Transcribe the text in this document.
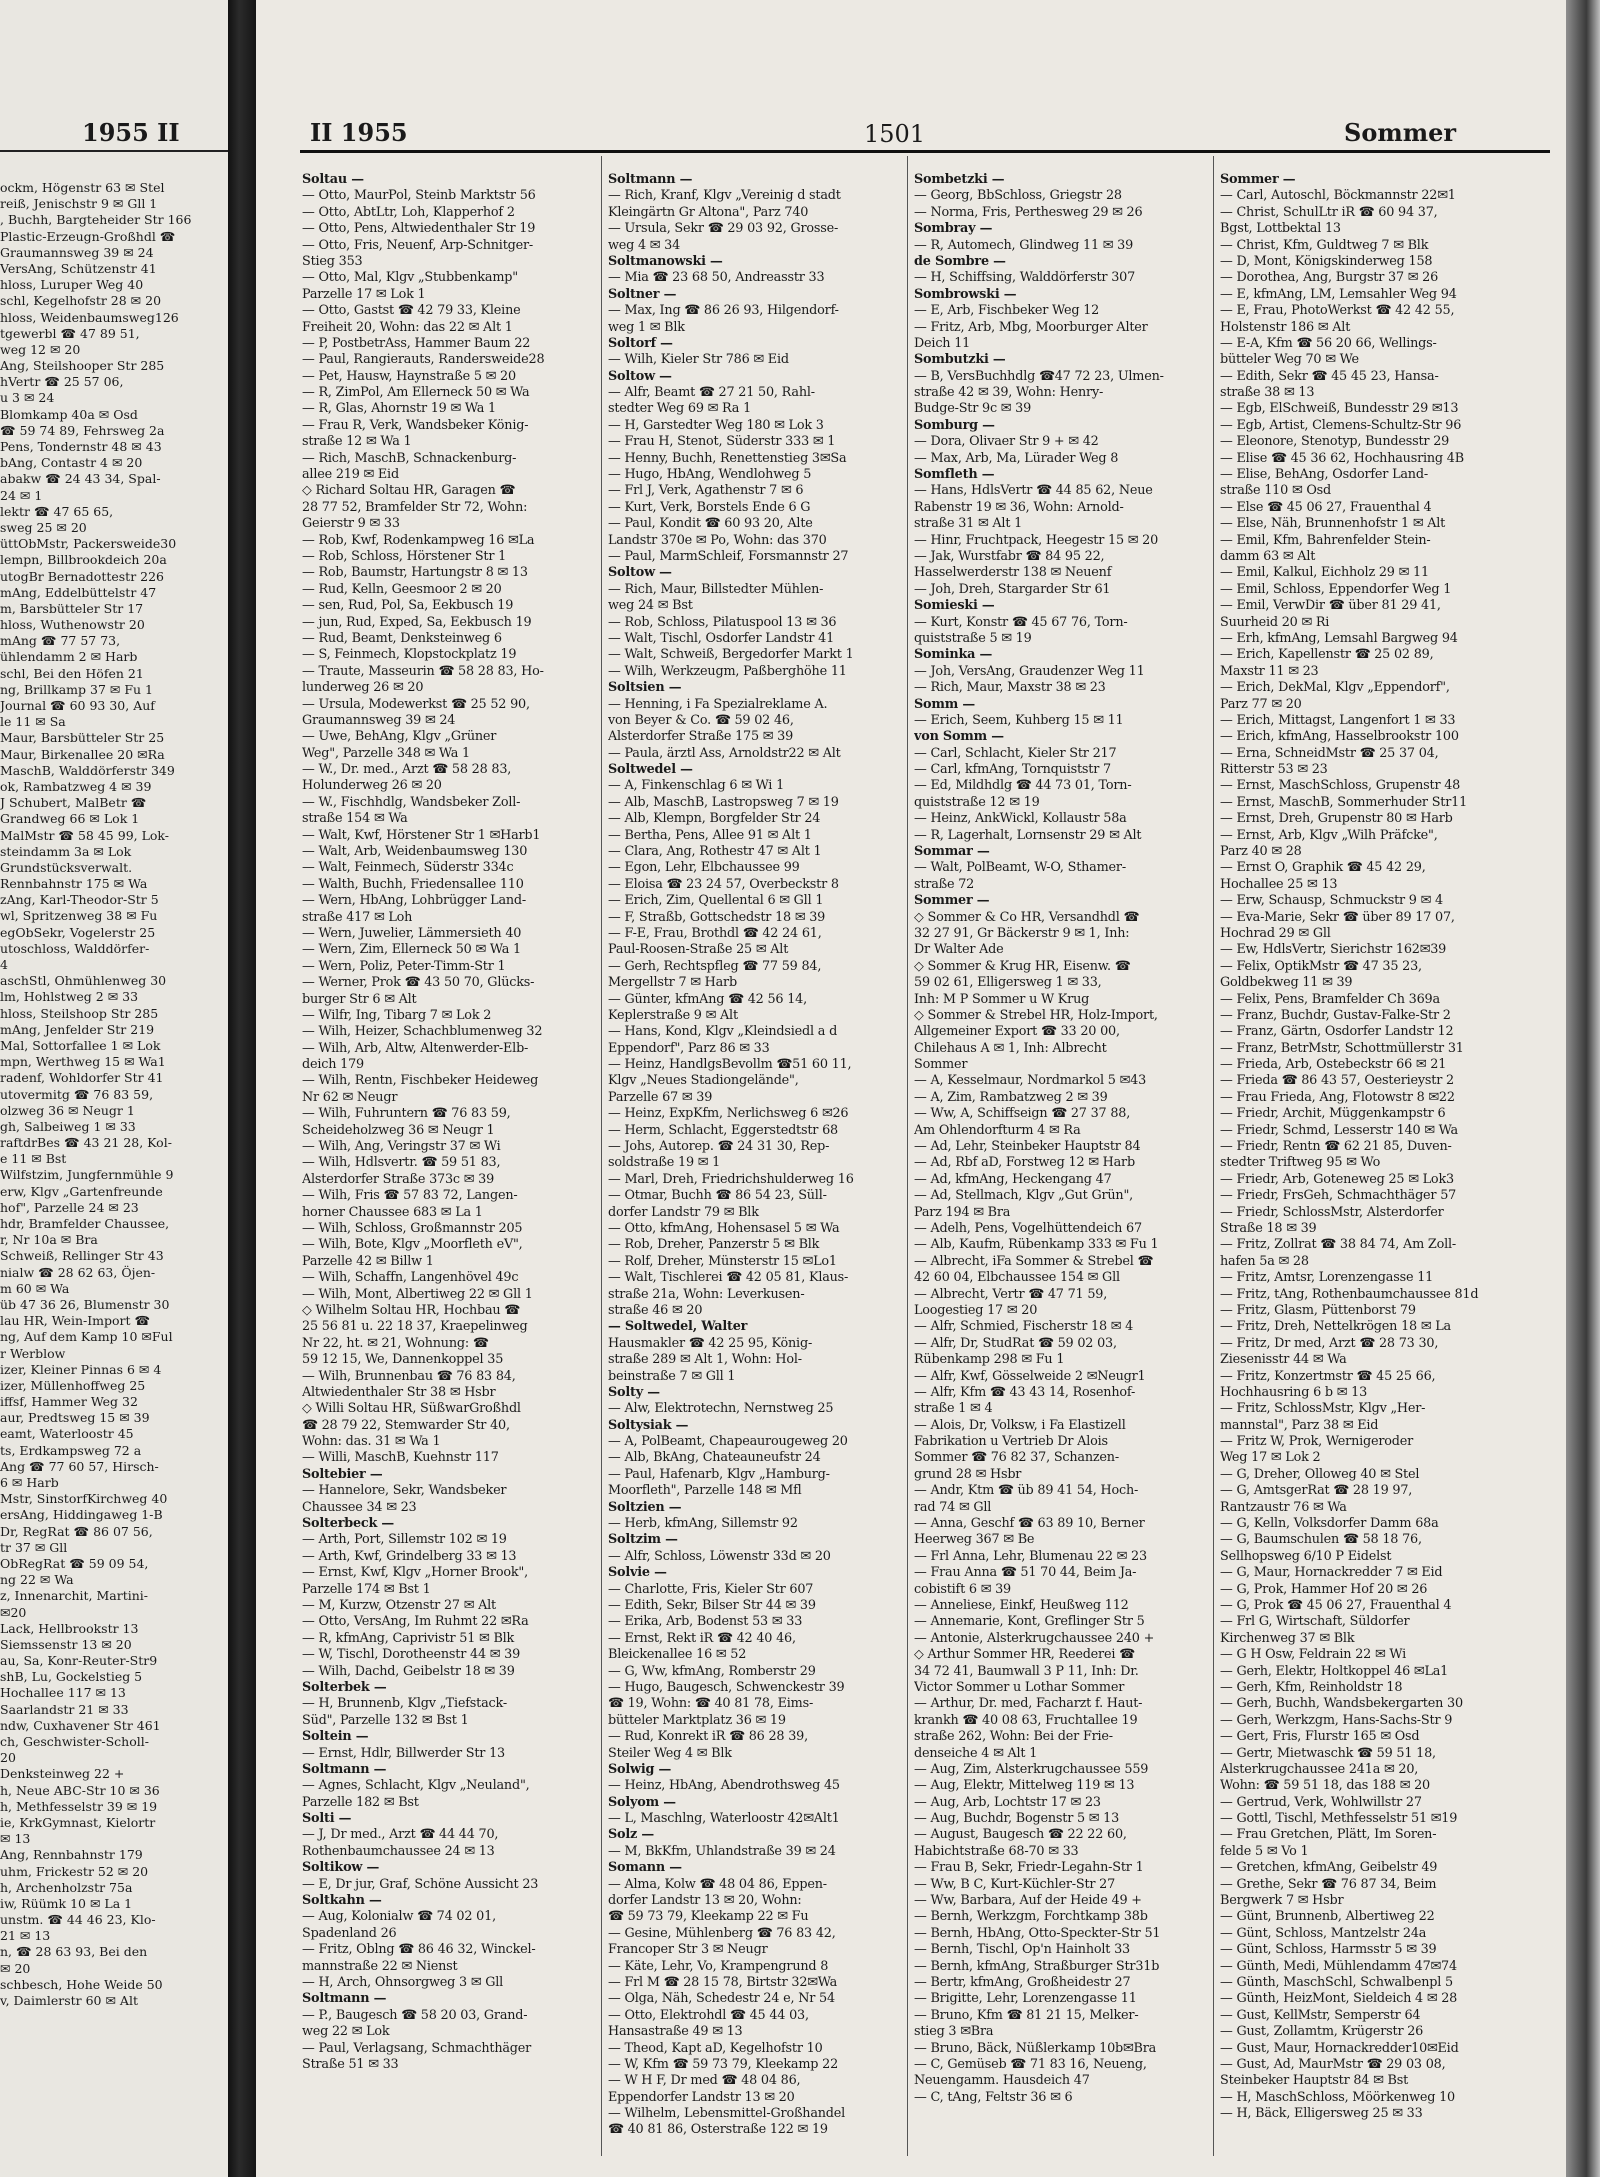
1955 II
ockm, Högenstr 63 ✉ Stel
reiß, Jenischstr 9 ✉ Gll 1
, Buchh, Bargteheider Str 166
Plastic-Erzeugn-Großhdl ☎
Graumannsweg 39 ✉ 24
VersAng, Schützenstr 41
hloss, Luruper Weg 40
schl, Kegelhofstr 28 ✉ 20
hloss, Weidenbaumsweg126
tgewerbl ☎ 47 89 51,
weg 12 ✉ 20
Ang, Steilshooper Str 285
hVertr ☎ 25 57 06,
u 3 ✉ 24
Blomkamp 40a ✉ Osd
☎ 59 74 89, Fehrsweg 2a
Pens, Tondernstr 48 ✉ 43
bAng, Contastr 4 ✉ 20
abakw ☎ 24 43 34, Spal-
24 ✉ 1
lektr ☎ 47 65 65,
sweg 25 ✉ 20
üttObMstr, Packersweide30
lempn, Billbrookdeich 20a
utogBr Bernadottestr 226
mAng, Eddelbüttelstr 47
m, Barsbütteler Str 17
hloss, Wuthenowstr 20
mAng ☎ 77 57 73,
ühlendamm 2 ✉ Harb
schl, Bei den Höfen 21
ng, Brillkamp 37 ✉ Fu 1
Journal ☎ 60 93 30, Auf
le 11 ✉ Sa
Maur, Barsbütteler Str 25
Maur, Birkenallee 20 ✉Ra
MaschB, Walddörferstr 349
ok, Rambatzweg 4 ✉ 39
J Schubert, MalBetr ☎
Grandweg 66 ✉ Lok 1
MalMstr ☎ 58 45 99, Lok-
steindamm 3a ✉ Lok
Grundstücksverwalt.
Rennbahnstr 175 ✉ Wa
zAng, Karl-Theodor-Str 5
wl, Spritzenweg 38 ✉ Fu
egObSekr, Vogelerstr 25
utoschloss, Walddörfer-
4
aschStl, Ohmühlenweg 30
lm, Hohlstweg 2 ✉ 33
hloss, Steilshoop Str 285
mAng, Jenfelder Str 219
Mal, Sottorfallee 1 ✉ Lok
mpn, Werthweg 15 ✉ Wa1
radenf, Wohldorfer Str 41
utovermitg ☎ 76 83 59,
olzweg 36 ✉ Neugr 1
gh, Salbeiweg 1 ✉ 33
raftdrBes ☎ 43 21 28, Kol-
e 11 ✉ Bst
Wilfstzim, Jungfernmühle 9
erw, Klgv „Gartenfreunde
hof", Parzelle 24 ✉ 23
hdr, Bramfelder Chaussee,
r, Nr 10a ✉ Bra
Schweiß, Rellinger Str 43
nialw ☎ 28 62 63, Öjen-
m 60 ✉ Wa
üb 47 36 26, Blumenstr 30
lau HR, Wein-Import ☎
ng, Auf dem Kamp 10 ✉Ful
r Werblow
izer, Kleiner Pinnas 6 ✉ 4
izer, Müllenhoffweg 25
iffsf, Hammer Weg 32
aur, Predtsweg 15 ✉ 39
eamt, Waterloostr 45
ts, Erdkampsweg 72 a
Ang ☎ 77 60 57, Hirsch-
6 ✉ Harb
Mstr, SinstorfKirchweg 40
ersAng, Hiddingaweg 1-B
Dr, RegRat ☎ 86 07 56,
tr 37 ✉ Gll
ObRegRat ☎ 59 09 54,
ng 22 ✉ Wa
z, Innenarchit, Martini-
✉20
Lack, Hellbrookstr 13
Siemssenstr 13 ✉ 20
au, Sa, Konr-Reuter-Str9
shB, Lu, Gockelstieg 5
Hochallee 117 ✉ 13
Saarlandstr 21 ✉ 33
ndw, Cuxhavener Str 461
ch, Geschwister-Scholl-
20
Denksteinweg 22 +
h, Neue ABC-Str 10 ✉ 36
h, Methfesselstr 39 ✉ 19
ie, KrkGymnast, Kielortr
✉ 13
Ang, Rennbahnstr 179
uhm, Frickestr 52 ✉ 20
h, Archenholzstr 75a
iw, Rüümk 10 ✉ La 1
unstm. ☎ 44 46 23, Klo-
21 ✉ 13
n, ☎ 28 63 93, Bei den
✉ 20
schbesch, Hohe Weide 50
v, Daimlerstr 60 ✉ Alt
II 1955	1501	Sommer
Soltau —
— Otto, MaurPol, Steinb Marktstr 56
— Otto, AbtLtr, Loh, Klapperhof 2
— Otto, Pens, Altwiedenthaler Str 19
— Otto, Fris, Neuenf, Arp-Schnitger-
Stieg 353
— Otto, Mal, Klgv „Stubbenkamp"
Parzelle 17 ✉ Lok 1
— Otto, Gastst ☎ 42 79 33, Kleine
Freiheit 20, Wohn: das 22 ✉ Alt 1
— P, PostbetrAss, Hammer Baum 22
— Paul, Rangierauts, Randersweide28
— Pet, Hausw, Haynstraße 5 ✉ 20
— R, ZimPol, Am Ellerneck 50 ✉ Wa
— R, Glas, Ahornstr 19 ✉ Wa 1
— Frau R, Verk, Wandsbeker König-
straße 12 ✉ Wa 1
— Rich, MaschB, Schnackenburg-
allee 219 ✉ Eid
◇ Richard Soltau HR, Garagen ☎
28 77 52, Bramfelder Str 72, Wohn:
Geierstr 9 ✉ 33
— Rob, Kwf, Rodenkampweg 16 ✉La
— Rob, Schloss, Hörstener Str 1
— Rob, Baumstr, Hartungstr 8 ✉ 13
— Rud, Kelln, Geesmoor 2 ✉ 20
— sen, Rud, Pol, Sa, Eekbusch 19
— jun, Rud, Exped, Sa, Eekbusch 19
— Rud, Beamt, Denksteinweg 6
— S, Feinmech, Klopstockplatz 19
— Traute, Masseurin ☎ 58 28 83, Ho-
lunderweg 26 ✉ 20
— Ursula, Modewerkst ☎ 25 52 90,
Graumannsweg 39 ✉ 24
— Uwe, BehAng, Klgv „Grüner
Weg", Parzelle 348 ✉ Wa 1
— W., Dr. med., Arzt ☎ 58 28 83,
Holunderweg 26 ✉ 20
— W., Fischhdlg, Wandsbeker Zoll-
straße 154 ✉ Wa
— Walt, Kwf, Hörstener Str 1 ✉Harb1
— Walt, Arb, Weidenbaumsweg 130
— Walt, Feinmech, Süderstr 334c
— Walth, Buchh, Friedensallee 110
— Wern, HbAng, Lohbrügger Land-
straße 417 ✉ Loh
— Wern, Juwelier, Lämmersieth 40
— Wern, Zim, Ellerneck 50 ✉ Wa 1
— Wern, Poliz, Peter-Timm-Str 1
— Werner, Prok ☎ 43 50 70, Glücks-
burger Str 6 ✉ Alt
— Wilfr, Ing, Tibarg 7 ✉ Lok 2
— Wilh, Heizer, Schachblumenweg 32
— Wilh, Arb, Altw, Altenwerder-Elb-
deich 179
— Wilh, Rentn, Fischbeker Heideweg
Nr 62 ✉ Neugr
— Wilh, Fuhruntern ☎ 76 83 59,
Scheideholzweg 36 ✉ Neugr 1
— Wilh, Ang, Veringstr 37 ✉ Wi
— Wilh, Hdlsvertr. ☎ 59 51 83,
Alsterdorfer Straße 373c ✉ 39
— Wilh, Fris ☎ 57 83 72, Langen-
horner Chaussee 683 ✉ La 1
— Wilh, Schloss, Großmannstr 205
— Wilh, Bote, Klgv „Moorfleth eV",
Parzelle 42 ✉ Billw 1
— Wilh, Schaffn, Langenhövel 49c
— Wilh, Mont, Albertiweg 22 ✉ Gll 1
◇ Wilhelm Soltau HR, Hochbau ☎
25 56 81 u. 22 18 37, Kraepelinweg
Nr 22, ht. ✉ 21, Wohnung: ☎
59 12 15, We, Dannenkoppel 35
— Wilh, Brunnenbau ☎ 76 83 84,
Altwiedenthaler Str 38 ✉ Hsbr
◇ Willi Soltau HR, SüßwarGroßhdl
☎ 28 79 22, Stemwarder Str 40,
Wohn: das. 31 ✉ Wa 1
— Willi, MaschB, Kuehnstr 117
Soltebier —
— Hannelore, Sekr, Wandsbeker
Chaussee 34 ✉ 23
Solterbeck —
— Arth, Port, Sillemstr 102 ✉ 19
— Arth, Kwf, Grindelberg 33 ✉ 13
— Ernst, Kwf, Klgv „Horner Brook",
Parzelle 174 ✉ Bst 1
— M, Kurzw, Otzenstr 27 ✉ Alt
— Otto, VersAng, Im Ruhmt 22 ✉Ra
— R, kfmAng, Caprivistr 51 ✉ Blk
— W, Tischl, Dorotheenstr 44 ✉ 39
— Wilh, Dachd, Geibelstr 18 ✉ 39
Solterbek —
— H, Brunnenb, Klgv „Tiefstack-
Süd", Parzelle 132 ✉ Bst 1
Soltein —
— Ernst, Hdlr, Billwerder Str 13
Soltmann —
— Agnes, Schlacht, Klgv „Neuland",
Parzelle 182 ✉ Bst
Solti —
— J, Dr med., Arzt ☎ 44 44 70,
Rothenbaumchaussee 24 ✉ 13
Soltikow —
— E, Dr jur, Graf, Schöne Aussicht 23
Soltkahn —
— Aug, Kolonialw ☎ 74 02 01,
Spadenland 26
— Fritz, Oblng ☎ 86 46 32, Winckel-
mannstraße 22 ✉ Nienst
— H, Arch, Ohnsorgweg 3 ✉ Gll
Soltmann —
— P., Baugesch ☎ 58 20 03, Grand-
weg 22 ✉ Lok
— Paul, Verlagsang, Schmachthäger
Straße 51 ✉ 33
Soltmann —
— Rich, Kranf, Klgv „Vereinig d stadt
Kleingärtn Gr Altona", Parz 740
— Ursula, Sekr ☎ 29 03 92, Grosse-
weg 4 ✉ 34
Soltmanowski —
— Mia ☎ 23 68 50, Andreasstr 33
Soltner —
— Max, Ing ☎ 86 26 93, Hilgendorf-
weg 1 ✉ Blk
Soltorf —
— Wilh, Kieler Str 786 ✉ Eid
Soltow —
— Alfr, Beamt ☎ 27 21 50, Rahl-
stedter Weg 69 ✉ Ra 1
— H, Garstedter Weg 180 ✉ Lok 3
— Frau H, Stenot, Süderstr 333 ✉ 1
— Henny, Buchh, Renettenstieg 3✉Sa
— Hugo, HbAng, Wendlohweg 5
— Frl J, Verk, Agathenstr 7 ✉ 6
— Kurt, Verk, Borstels Ende 6 G
— Paul, Kondit ☎ 60 93 20, Alte
Landstr 370e ✉ Po, Wohn: das 370
— Paul, MarmSchleif, Forsmannstr 27
Soltow —
— Rich, Maur, Billstedter Mühlen-
weg 24 ✉ Bst
— Rob, Schloss, Pilatuspool 13 ✉ 36
— Walt, Tischl, Osdorfer Landstr 41
— Walt, Schweiß, Bergedorfer Markt 1
— Wilh, Werkzeugm, Paßberghöhe 11
Soltsien —
— Henning, i Fa Spezialreklame A.
von Beyer & Co. ☎ 59 02 46,
Alsterdorfer Straße 175 ✉ 39
— Paula, ärztl Ass, Arnoldstr22 ✉ Alt
Soltwedel —
— A, Finkenschlag 6 ✉ Wi 1
— Alb, MaschB, Lastropsweg 7 ✉ 19
— Alb, Klempn, Borgfelder Str 24
— Bertha, Pens, Allee 91 ✉ Alt 1
— Clara, Ang, Rothestr 47 ✉ Alt 1
— Egon, Lehr, Elbchaussee 99
— Eloisa ☎ 23 24 57, Overbeckstr 8
— Erich, Zim, Quellental 6 ✉ Gll 1
— F, Straßb, Gottschedstr 18 ✉ 39
— F-E, Frau, Brothdl ☎ 42 24 61,
Paul-Roosen-Straße 25 ✉ Alt
— Gerh, Rechtspfleg ☎ 77 59 84,
Mergellstr 7 ✉ Harb
— Günter, kfmAng ☎ 42 56 14,
Keplerstraße 9 ✉ Alt
— Hans, Kond, Klgv „Kleindsiedl a d
Eppendorf", Parz 86 ✉ 33
— Heinz, HandlgsBevollm ☎51 60 11,
Klgv „Neues Stadiongelände",
Parzelle 67 ✉ 39
— Heinz, ExpKfm, Nerlichsweg 6 ✉26
— Herm, Schlacht, Eggerstedtstr 68
— Johs, Autorep. ☎ 24 31 30, Rep-
soldstraße 19 ✉ 1
— Marl, Dreh, Friedrichshulderweg 16
— Otmar, Buchh ☎ 86 54 23, Süll-
dorfer Landstr 79 ✉ Blk
— Otto, kfmAng, Hohensasel 5 ✉ Wa
— Rob, Dreher, Panzerstr 5 ✉ Blk
— Rolf, Dreher, Münsterstr 15 ✉Lo1
— Walt, Tischlerei ☎ 42 05 81, Klaus-
straße 21a, Wohn: Leverkusen-
straße 46 ✉ 20
— Soltwedel, Walter
Hausmakler ☎ 42 25 95, König-
straße 289 ✉ Alt 1, Wohn: Hol-
beinstraße 7 ✉ Gll 1
Solty —
— Alw, Elektrotechn, Nernstweg 25
Soltysiak —
— A, PolBeamt, Chapeaurougeweg 20
— Alb, BkAng, Chateauneufstr 24
— Paul, Hafenarb, Klgv „Hamburg-
Moorfleth", Parzelle 148 ✉ Mfl
Soltzien —
— Herb, kfmAng, Sillemstr 92
Soltzim —
— Alfr, Schloss, Löwenstr 33d ✉ 20
Solvie —
— Charlotte, Fris, Kieler Str 607
— Edith, Sekr, Bilser Str 44 ✉ 39
— Erika, Arb, Bodenst 53 ✉ 33
— Ernst, Rekt iR ☎ 42 40 46,
Bleickenallee 16 ✉ 52
— G, Ww, kfmAng, Romberstr 29
— Hugo, Baugesch, Schwenckestr 39
☎ 19, Wohn: ☎ 40 81 78, Eims-
bütteler Marktplatz 36 ✉ 19
— Rud, Konrekt iR ☎ 86 28 39,
Steiler Weg 4 ✉ Blk
Solwig —
— Heinz, HbAng, Abendrothsweg 45
Solyom —
— L, Maschlng, Waterloostr 42✉Alt1
Solz —
— M, BkKfm, Uhlandstraße 39 ✉ 24
Somann —
— Alma, Kolw ☎ 48 04 86, Eppen-
dorfer Landstr 13 ✉ 20, Wohn:
☎ 59 73 79, Kleekamp 22 ✉ Fu
— Gesine, Mühlenberg ☎ 76 83 42,
Francoper Str 3 ✉ Neugr
— Käte, Lehr, Vo, Krampengrund 8
— Frl M ☎ 28 15 78, Birtstr 32✉Wa
— Olga, Näh, Schedestr 24 e, Nr 54
— Otto, Elektrohdl ☎ 45 44 03,
Hansastraße 49 ✉ 13
— Theod, Kapt aD, Kegelhofstr 10
— W, Kfm ☎ 59 73 79, Kleekamp 22
— W H F, Dr med ☎ 48 04 86,
Eppendorfer Landstr 13 ✉ 20
— Wilhelm, Lebensmittel-Großhandel
☎ 40 81 86, Osterstraße 122 ✉ 19
Sombetzki —
— Georg, BbSchloss, Griegstr 28
— Norma, Fris, Perthesweg 29 ✉ 26
Sombray —
— R, Automech, Glindweg 11 ✉ 39
de Sombre —
— H, Schiffsing, Walddörferstr 307
Sombrowski —
— E, Arb, Fischbeker Weg 12
— Fritz, Arb, Mbg, Moorburger Alter
Deich 11
Sombutzki —
— B, VersBuchhdlg ☎47 72 23, Ulmen-
straße 42 ✉ 39, Wohn: Henry-
Budge-Str 9c ✉ 39
Somburg —
— Dora, Olivaer Str 9 + ✉ 42
— Max, Arb, Ma, Lürader Weg 8
Somfleth —
— Hans, HdlsVertr ☎ 44 85 62, Neue
Rabenstr 19 ✉ 36, Wohn: Arnold-
straße 31 ✉ Alt 1
— Hinr, Fruchtpack, Heegestr 15 ✉ 20
— Jak, Wurstfabr ☎ 84 95 22,
Hasselwerderstr 138 ✉ Neuenf
— Joh, Dreh, Stargarder Str 61
Somieski —
— Kurt, Konstr ☎ 45 67 76, Torn-
quiststraße 5 ✉ 19
Sominka —
— Joh, VersAng, Graudenzer Weg 11
— Rich, Maur, Maxstr 38 ✉ 23
Somm —
— Erich, Seem, Kuhberg 15 ✉ 11
von Somm —
— Carl, Schlacht, Kieler Str 217
— Carl, kfmAng, Tornquiststr 7
— Ed, Mildhdlg ☎ 44 73 01, Torn-
quiststraße 12 ✉ 19
— Heinz, AnkWickl, Kollaustr 58a
— R, Lagerhalt, Lornsenstr 29 ✉ Alt
Sommar —
— Walt, PolBeamt, W-O, Sthamer-
straße 72
Sommer —
◇ Sommer & Co HR, Versandhdl ☎
32 27 91, Gr Bäckerstr 9 ✉ 1, Inh:
Dr Walter Ade
◇ Sommer & Krug HR, Eisenw. ☎
59 02 61, Elligersweg 1 ✉ 33,
Inh: M P Sommer u W Krug
◇ Sommer & Strebel HR, Holz-Import,
Allgemeiner Export ☎ 33 20 00,
Chilehaus A ✉ 1, Inh: Albrecht
Sommer
— A, Kesselmaur, Nordmarkol 5 ✉43
— A, Zim, Rambatzweg 2 ✉ 39
— Ww, A, Schiffseign ☎ 27 37 88,
Am Ohlendorfturm 4 ✉ Ra
— Ad, Lehr, Steinbeker Hauptstr 84
— Ad, Rbf aD, Forstweg 12 ✉ Harb
— Ad, kfmAng, Heckengang 47
— Ad, Stellmach, Klgv „Gut Grün",
Parz 194 ✉ Bra
— Adelh, Pens, Vogelhüttendeich 67
— Alb, Kaufm, Rübenkamp 333 ✉ Fu 1
— Albrecht, iFa Sommer & Strebel ☎
42 60 04, Elbchaussee 154 ✉ Gll
— Albrecht, Vertr ☎ 47 71 59,
Loogestieg 17 ✉ 20
— Alfr, Schmied, Fischerstr 18 ✉ 4
— Alfr, Dr, StudRat ☎ 59 02 03,
Rübenkamp 298 ✉ Fu 1
— Alfr, Kwf, Gösselweide 2 ✉Neugr1
— Alfr, Kfm ☎ 43 43 14, Rosenhof-
straße 1 ✉ 4
— Alois, Dr, Volksw, i Fa Elastizell
Fabrikation u Vertrieb Dr Alois
Sommer ☎ 76 82 37, Schanzen-
grund 28 ✉ Hsbr
— Andr, Ktm ☎ üb 89 41 54, Hoch-
rad 74 ✉ Gll
— Anna, Geschf ☎ 63 89 10, Berner
Heerweg 367 ✉ Be
— Frl Anna, Lehr, Blumenau 22 ✉ 23
— Frau Anna ☎ 51 70 44, Beim Ja-
cobistift 6 ✉ 39
— Anneliese, Einkf, Heußweg 112
— Annemarie, Kont, Greflinger Str 5
— Antonie, Alsterkrugchaussee 240 +
◇ Arthur Sommer HR, Reederei ☎
34 72 41, Baumwall 3 P 11, Inh: Dr.
Victor Sommer u Lothar Sommer
— Arthur, Dr. med, Facharzt f. Haut-
krankh ☎ 40 08 63, Fruchtallee 19
straße 262, Wohn: Bei der Frie-
denseiche 4 ✉ Alt 1
— Aug, Zim, Alsterkrugchaussee 559
— Aug, Elektr, Mittelweg 119 ✉ 13
— Aug, Arb, Lochtstr 17 ✉ 23
— Aug, Buchdr, Bogenstr 5 ✉ 13
— August, Baugesch ☎ 22 22 60,
Habichtstraße 68-70 ✉ 33
— Frau B, Sekr, Friedr-Legahn-Str 1
— Ww, B C, Kurt-Küchler-Str 27
— Ww, Barbara, Auf der Heide 49 +
— Bernh, Werkzgm, Forchtkamp 38b
— Bernh, HbAng, Otto-Speckter-Str 51
— Bernh, Tischl, Op'n Hainholt 33
— Bernh, kfmAng, Straßburger Str31b
— Bertr, kfmAng, Großheidestr 27
— Brigitte, Lehr, Lorenzengasse 11
— Bruno, Kfm ☎ 81 21 15, Melker-
stieg 3 ✉Bra
— Bruno, Bäck, Nüßlerkamp 10b✉Bra
— C, Gemüseb ☎ 71 83 16, Neueng,
Neuengamm. Hausdeich 47
— C, tAng, Feltstr 36 ✉ 6
Sommer —
— Carl, Autoschl, Böckmannstr 22✉1
— Christ, SchulLtr iR ☎ 60 94 37,
Bgst, Lottbektal 13
— Christ, Kfm, Guldtweg 7 ✉ Blk
— D, Mont, Königskinderweg 158
— Dorothea, Ang, Burgstr 37 ✉ 26
— E, kfmAng, LM, Lemsahler Weg 94
— E, Frau, PhotoWerkst ☎ 42 42 55,
Holstenstr 186 ✉ Alt
— E-A, Kfm ☎ 56 20 66, Wellings-
bütteler Weg 70 ✉ We
— Edith, Sekr ☎ 45 45 23, Hansa-
straße 38 ✉ 13
— Egb, ElSchweiß, Bundesstr 29 ✉13
— Egb, Artist, Clemens-Schultz-Str 96
— Eleonore, Stenotyp, Bundesstr 29
— Elise ☎ 45 36 62, Hochhausring 4B
— Elise, BehAng, Osdorfer Land-
straße 110 ✉ Osd
— Else ☎ 45 06 27, Frauenthal 4
— Else, Näh, Brunnenhofstr 1 ✉ Alt
— Emil, Kfm, Bahrenfelder Stein-
damm 63 ✉ Alt
— Emil, Kalkul, Eichholz 29 ✉ 11
— Emil, Schloss, Eppendorfer Weg 1
— Emil, VerwDir ☎ über 81 29 41,
Suurheid 20 ✉ Ri
— Erh, kfmAng, Lemsahl Bargweg 94
— Erich, Kapellenstr ☎ 25 02 89,
Maxstr 11 ✉ 23
— Erich, DekMal, Klgv „Eppendorf",
Parz 77 ✉ 20
— Erich, Mittagst, Langenfort 1 ✉ 33
— Erich, kfmAng, Hasselbrookstr 100
— Erna, SchneidMstr ☎ 25 37 04,
Ritterstr 53 ✉ 23
— Ernst, MaschSchloss, Grupenstr 48
— Ernst, MaschB, Sommerhuder Str11
— Ernst, Dreh, Grupenstr 80 ✉ Harb
— Ernst, Arb, Klgv „Wilh Präfcke",
Parz 40 ✉ 28
— Ernst O, Graphik ☎ 45 42 29,
Hochallee 25 ✉ 13
— Erw, Schausp, Schmuckstr 9 ✉ 4
— Eva-Marie, Sekr ☎ über 89 17 07,
Hochrad 29 ✉ Gll
— Ew, HdlsVertr, Sierichstr 162✉39
— Felix, OptikMstr ☎ 47 35 23,
Goldbekweg 11 ✉ 39
— Felix, Pens, Bramfelder Ch 369a
— Franz, Buchdr, Gustav-Falke-Str 2
— Franz, Gärtn, Osdorfer Landstr 12
— Franz, BetrMstr, Schottmüllerstr 31
— Frieda, Arb, Ostebeckstr 66 ✉ 21
— Frieda ☎ 86 43 57, Oesterieystr 2
— Frau Frieda, Ang, Flotowstr 8 ✉22
— Friedr, Archit, Müggenkampstr 6
— Friedr, Schmd, Lesserstr 140 ✉ Wa
— Friedr, Rentn ☎ 62 21 85, Duven-
stedter Triftweg 95 ✉ Wo
— Friedr, Arb, Goteneweg 25 ✉ Lok3
— Friedr, FrsGeh, Schmachthäger 57
— Friedr, SchlossMstr, Alsterdorfer
Straße 18 ✉ 39
— Fritz, Zollrat ☎ 38 84 74, Am Zoll-
hafen 5a ✉ 28
— Fritz, Amtsr, Lorenzengasse 11
— Fritz, tAng, Rothenbaumchaussee 81d
— Fritz, Glasm, Püttenborst 79
— Fritz, Dreh, Nettelkrögen 18 ✉ La
— Fritz, Dr med, Arzt ☎ 28 73 30,
Ziesenisstr 44 ✉ Wa
— Fritz, Konzertmstr ☎ 45 25 66,
Hochhausring 6 b ✉ 13
— Fritz, SchlossMstr, Klgv „Her-
mannstal", Parz 38 ✉ Eid
— Fritz W, Prok, Wernigeroder
Weg 17 ✉ Lok 2
— G, Dreher, Olloweg 40 ✉ Stel
— G, AmtsgerRat ☎ 28 19 97,
Rantzaustr 76 ✉ Wa
— G, Kelln, Volksdorfer Damm 68a
— G, Baumschulen ☎ 58 18 76,
Sellhopsweg 6/10 P Eidelst
— G, Maur, Hornackredder 7 ✉ Eid
— G, Prok, Hammer Hof 20 ✉ 26
— G, Prok ☎ 45 06 27, Frauenthal 4
— Frl G, Wirtschaft, Süldorfer
Kirchenweg 37 ✉ Blk
— G H Osw, Feldrain 22 ✉ Wi
— Gerh, Elektr, Holtkoppel 46 ✉La1
— Gerh, Kfm, Reinholdstr 18
— Gerh, Buchh, Wandsbekergarten 30
— Gerh, Werkzgm, Hans-Sachs-Str 9
— Gert, Fris, Flurstr 165 ✉ Osd
— Gertr, Mietwaschk ☎ 59 51 18,
Alsterkrugchaussee 241a ✉ 20,
Wohn: ☎ 59 51 18, das 188 ✉ 20
— Gertrud, Verk, Wohlwillstr 27
— Gottl, Tischl, Methfesselstr 51 ✉19
— Frau Gretchen, Plätt, Im Soren-
felde 5 ✉ Vo 1
— Gretchen, kfmAng, Geibelstr 49
— Grethe, Sekr ☎ 76 87 34, Beim
Bergwerk 7 ✉ Hsbr
— Günt, Brunnenb, Albertiweg 22
— Günt, Schloss, Mantzelstr 24a
— Günt, Schloss, Harmsstr 5 ✉ 39
— Günth, Medi, Mühlendamm 47✉74
— Günth, MaschSchl, Schwalbenpl 5
— Günth, HeizMont, Sieldeich 4 ✉ 28
— Gust, KellMstr, Semperstr 64
— Gust, Zollamtm, Krügerstr 26
— Gust, Maur, Hornackredder10✉Eid
— Gust, Ad, MaurMstr ☎ 29 03 08,
Steinbeker Hauptstr 84 ✉ Bst
— H, MaschSchloss, Möörkenweg 10
— H, Bäck, Elligersweg 25 ✉ 33
